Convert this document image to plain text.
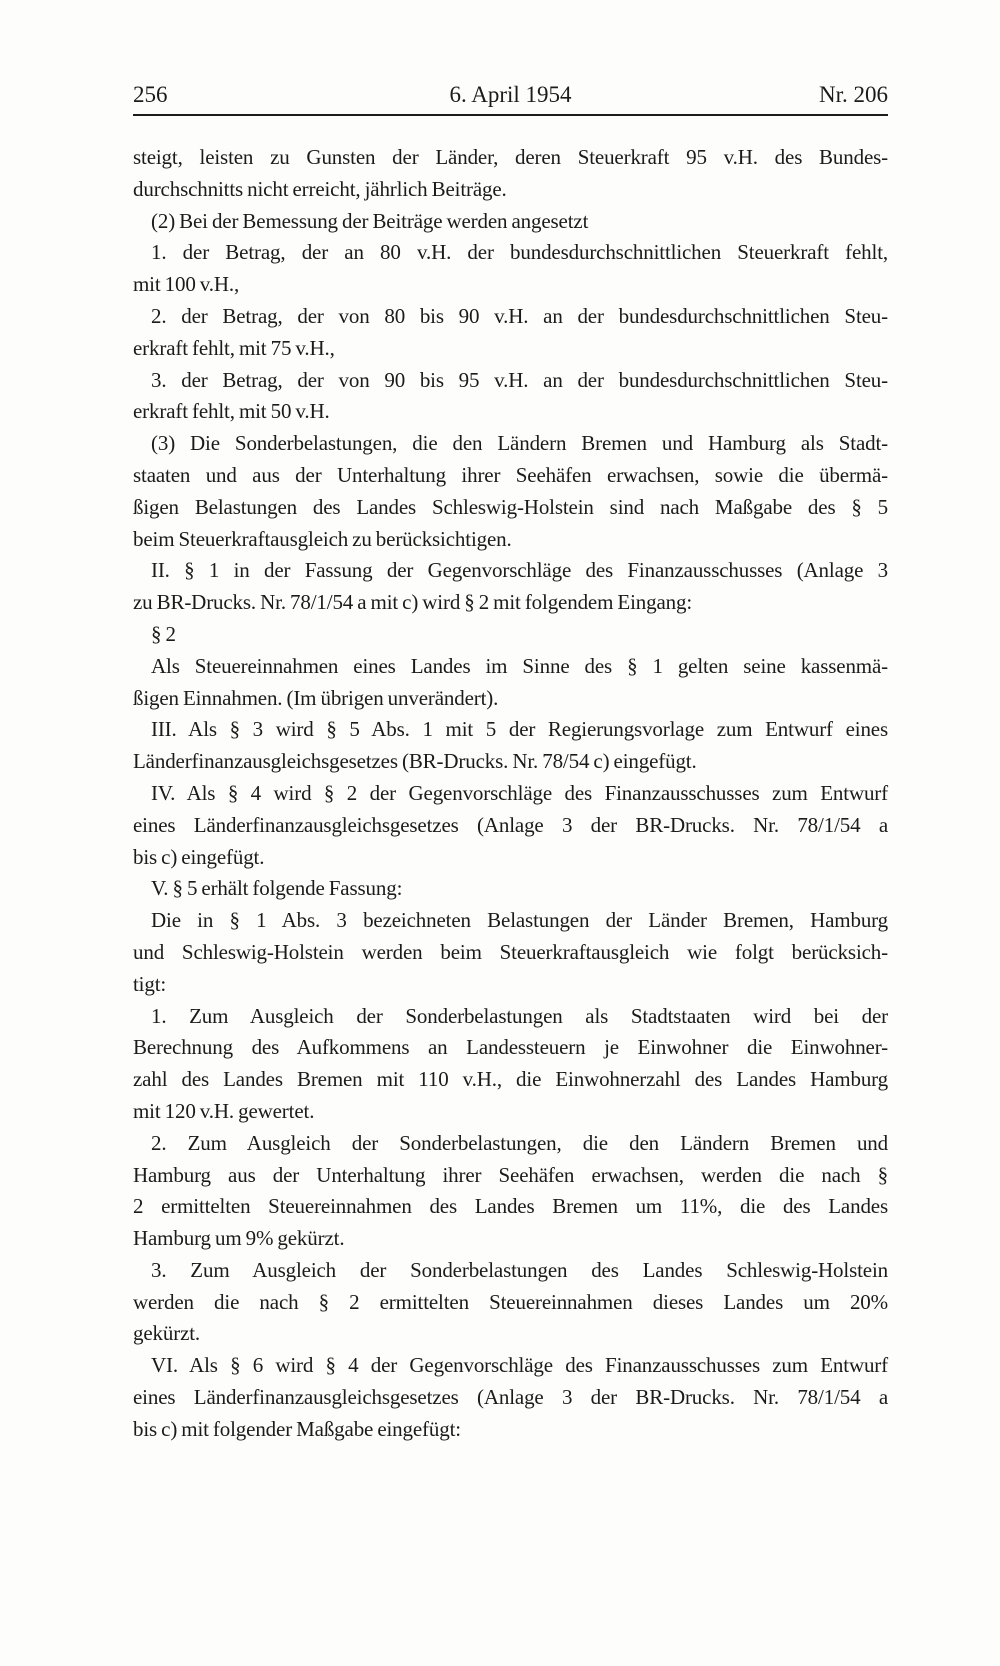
256	6. April 1954	Nr. 206

steigt, leisten zu Gunsten der Länder, deren Steuerkraft 95 v.H. des Bundes-
durchschnitts nicht erreicht, jährlich Beiträge.

(2) Bei der Bemessung der Beiträge werden angesetzt

1. der Betrag, der an 80 v.H. der bundesdurchschnittlichen Steuerkraft fehlt,
mit 100 v.H.,

2. der Betrag, der von 80 bis 90 v.H. an der bundesdurchschnittlichen Steu-
erkraft fehlt, mit 75 v.H.,

3. der Betrag, der von 90 bis 95 v.H. an der bundesdurchschnittlichen Steu-
erkraft fehlt, mit 50 v.H.

(3) Die Sonderbelastungen, die den Ländern Bremen und Hamburg als Stadt-
staaten und aus der Unterhaltung ihrer Seehäfen erwachsen, sowie die übermä-
ßigen Belastungen des Landes Schleswig-Holstein sind nach Maßgabe des § 5
beim Steuerkraftausgleich zu berücksichtigen.

II. § 1 in der Fassung der Gegenvorschläge des Finanzausschusses (Anlage 3
zu BR-Drucks. Nr. 78/1/54 a mit c) wird § 2 mit folgendem Eingang:

§ 2

Als Steuereinnahmen eines Landes im Sinne des § 1 gelten seine kassenmä-
ßigen Einnahmen. (Im übrigen unverändert).

III. Als § 3 wird § 5 Abs. 1 mit 5 der Regierungsvorlage zum Entwurf eines
Länderfinanzausgleichsgesetzes (BR-Drucks. Nr. 78/54 c) eingefügt.

IV. Als § 4 wird § 2 der Gegenvorschläge des Finanzausschusses zum Entwurf
eines Länderfinanzausgleichsgesetzes (Anlage 3 der BR-Drucks. Nr. 78/1/54 a
bis c) eingefügt.

V. § 5 erhält folgende Fassung:

Die in § 1 Abs. 3 bezeichneten Belastungen der Länder Bremen, Hamburg
und Schleswig-Holstein werden beim Steuerkraftausgleich wie folgt berücksich-
tigt:

1. Zum Ausgleich der Sonderbelastungen als Stadtstaaten wird bei der
Berechnung des Aufkommens an Landessteuern je Einwohner die Einwohner-
zahl des Landes Bremen mit 110 v.H., die Einwohnerzahl des Landes Hamburg
mit 120 v.H. gewertet.

2. Zum Ausgleich der Sonderbelastungen, die den Ländern Bremen und
Hamburg aus der Unterhaltung ihrer Seehäfen erwachsen, werden die nach §
2 ermittelten Steuereinnahmen des Landes Bremen um 11%, die des Landes
Hamburg um 9% gekürzt.

3. Zum Ausgleich der Sonderbelastungen des Landes Schleswig-Holstein
werden die nach § 2 ermittelten Steuereinnahmen dieses Landes um 20%
gekürzt.

VI. Als § 6 wird § 4 der Gegenvorschläge des Finanzausschusses zum Entwurf
eines Länderfinanzausgleichsgesetzes (Anlage 3 der BR-Drucks. Nr. 78/1/54 a
bis c) mit folgender Maßgabe eingefügt:
